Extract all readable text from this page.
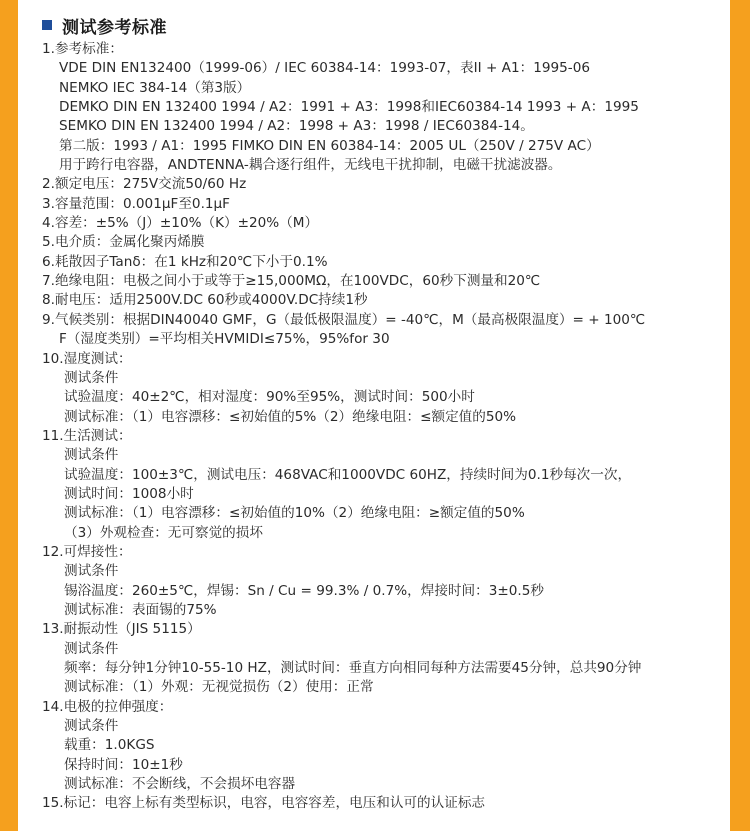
测试参考标准
1.参考标准：
VDE DIN EN132400（1999-06）/ IEC 60384-14：1993-07，表II + A1：1995-06
NEMKO IEC 384-14（第3版）
DEMKO DIN EN 132400 1994 / A2：1991 + A3：1998和IEC60384-14 1993 + A：1995
SEMKO DIN EN 132400 1994 / A2：1998 + A3：1998 / IEC60384-14。
第二版：1993 / A1：1995 FIMKO DIN EN 60384-14：2005 UL（250V / 275V AC）
用于跨行电容器，ANDTENNA-耦合逐行组件，无线电干扰抑制，电磁干扰滤波器。
2.额定电压：275V交流50/60 Hz
3.容量范围：0.001μF至0.1μF
4.容差：±5%（J）±10%（K）±20%（M）
5.电介质：金属化聚丙烯膜
6.耗散因子Tanδ：在1 kHz和20℃下小于0.1%
7.绝缘电阻：电极之间小于或等于≥15,000MΩ，在100VDC，60秒下测量和20℃
8.耐电压：适用2500V.DC 60秒或4000V.DC持续1秒
9.气候类别：根据DIN40040 GMF，G（最低极限温度）= -40℃，M（最高极限温度）= + 100℃
F（湿度类别）=平均相关HVMIDI≤75%，95%for 30
10.湿度测试：
测试条件
试验温度：40±2℃，相对湿度：90%至95%，测试时间：500小时
测试标准：（1）电容漂移：≤初始值的5%（2）绝缘电阻：≤额定值的50%
11.生活测试：
测试条件
试验温度：100±3℃，测试电压：468VAC和1000VDC 60HZ，持续时间为0.1秒每次一次，
测试时间：1008小时
测试标准：（1）电容漂移：≤初始值的10%（2）绝缘电阻：≥额定值的50%
（3）外观检查：无可察觉的损坏
12.可焊接性：
测试条件
锡浴温度：260±5℃，焊锡：Sn / Cu = 99.3% / 0.7%，焊接时间：3±0.5秒
测试标准：表面锡的75%
13.耐振动性（JIS 5115）
测试条件
频率：每分钟1分钟10-55-10 HZ，测试时间：垂直方向相同每种方法需要45分钟，总共90分钟
测试标准：（1）外观：无视觉损伤（2）使用：正常
14.电极的拉伸强度：
测试条件
载重：1.0KGS
保持时间：10±1秒
测试标准：不会断线，不会损坏电容器
15.标记：电容上标有类型标识，电容，电容容差，电压和认可的认证标志
